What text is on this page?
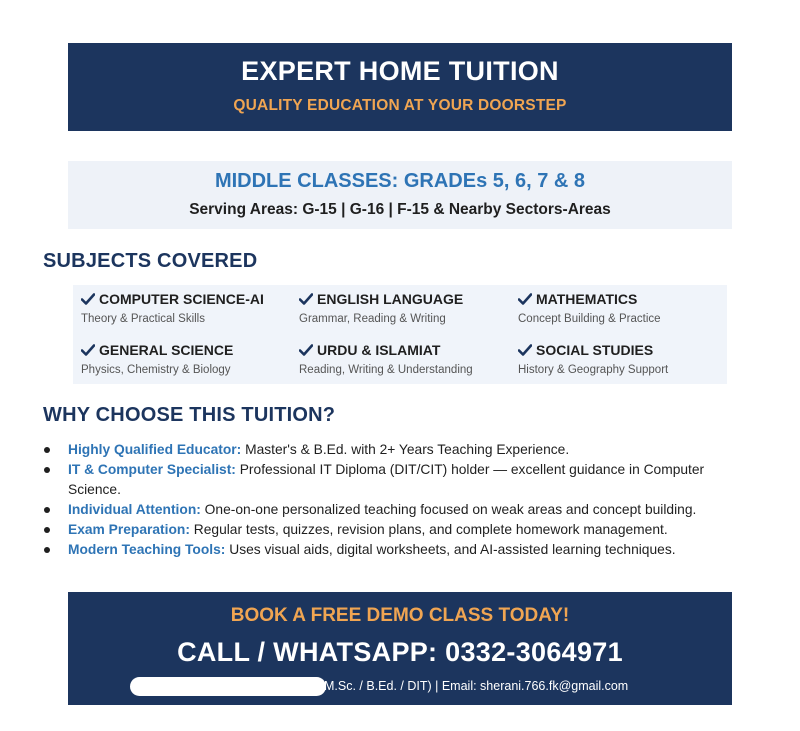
EXPERT HOME TUITION
QUALITY EDUCATION AT YOUR DOORSTEP
MIDDLE CLASSES: GRADEs 5, 6, 7 & 8
Serving Areas: G-15 | G-16 | F-15 & Nearby Sectors-Areas
SUBJECTS COVERED
COMPUTER SCIENCE-AI
Theory & Practical Skills
ENGLISH LANGUAGE
Grammar, Reading & Writing
MATHEMATICS
Concept Building & Practice
GENERAL SCIENCE
Physics, Chemistry & Biology
URDU & ISLAMIAT
Reading, Writing & Understanding
SOCIAL STUDIES
History & Geography Support
WHY CHOOSE THIS TUITION?
Highly Qualified Educator: Master's & B.Ed. with 2+ Years Teaching Experience.
IT & Computer Specialist: Professional IT Diploma (DIT/CIT) holder — excellent guidance in Computer Science.
Individual Attention: One-on-one personalized teaching focused on weak areas and concept building.
Exam Preparation: Regular tests, quizzes, revision plans, and complete homework management.
Modern Teaching Tools: Uses visual aids, digital worksheets, and AI-assisted learning techniques.
BOOK A FREE DEMO CLASS TODAY!
CALL / WHATSAPP: 0332-3064971
M.Sc. / B.Ed. / DIT) | Email: sherani.766.fk@gmail.com
